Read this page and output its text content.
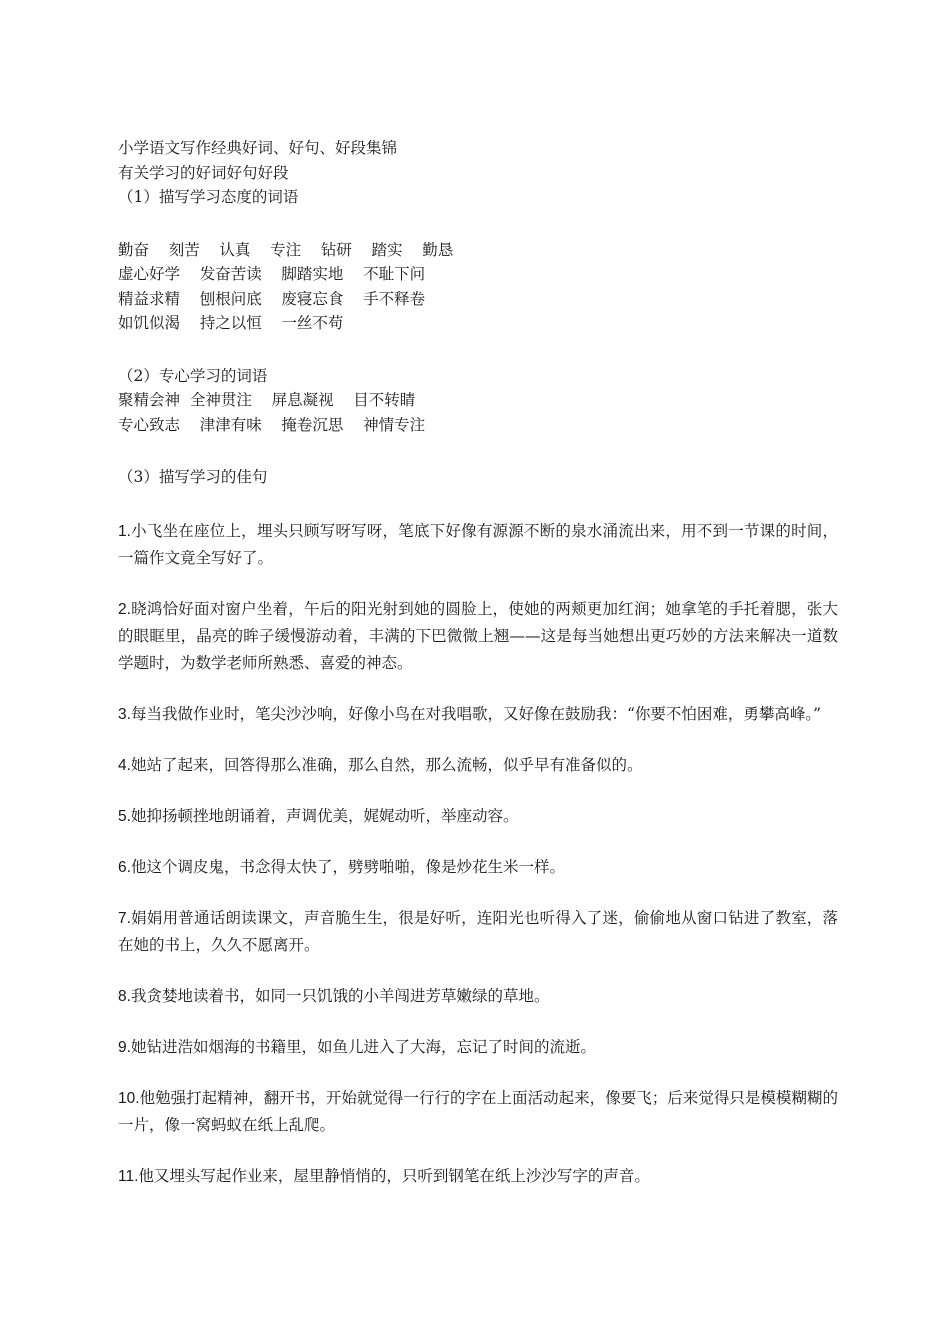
小学语文写作经典好词、好句、好段集锦

有关学习的好词好句好段

（1）描写学习态度的词语

勤奋    刻苦    认真    专注    钻研    踏实    勤恳

虚心好学    发奋苦读    脚踏实地    不耻下问

精益求精    刨根问底    废寝忘食    手不释卷

如饥似渴    持之以恒    一丝不苟

（2）专心学习的词语

聚精会神  全神贯注    屏息凝视    目不转睛

专心致志    津津有味    掩卷沉思    神情专注

（3）描写学习的佳句

1.小飞坐在座位上，埋头只顾写呀写呀，笔底下好像有源源不断的泉水涌流出来，用不到一节课的时间，一篇作文竟全写好了。

2.晓鸿恰好面对窗户坐着，午后的阳光射到她的圆脸上，使她的两颊更加红润；她拿笔的手托着腮，张大的眼眶里，晶亮的眸子缓慢游动着，丰满的下巴微微上翘——这是每当她想出更巧妙的方法来解决一道数学题时，为数学老师所熟悉、喜爱的神态。

3.每当我做作业时，笔尖沙沙响，好像小鸟在对我唱歌，又好像在鼓励我：“你要不怕困难，勇攀高峰。”

4.她站了起来，回答得那么准确，那么自然，那么流畅，似乎早有准备似的。

5.她抑扬顿挫地朗诵着，声调优美，娓娓动听，举座动容。

6.他这个调皮鬼，书念得太快了，劈劈啪啪，像是炒花生米一样。

7.娟娟用普通话朗读课文，声音脆生生，很是好听，连阳光也听得入了迷，偷偷地从窗口钻进了教室，落在她的书上，久久不愿离开。

8.我贪婪地读着书，如同一只饥饿的小羊闯进芳草嫩绿的草地。

9.她钻进浩如烟海的书籍里，如鱼儿进入了大海，忘记了时间的流逝。

10.他勉强打起精神，翻开书，开始就觉得一行行的字在上面活动起来，像要飞；后来觉得只是模模糊糊的一片，像一窝蚂蚁在纸上乱爬。

11.他又埋头写起作业来，屋里静悄悄的，只听到钢笔在纸上沙沙写字的声音。
